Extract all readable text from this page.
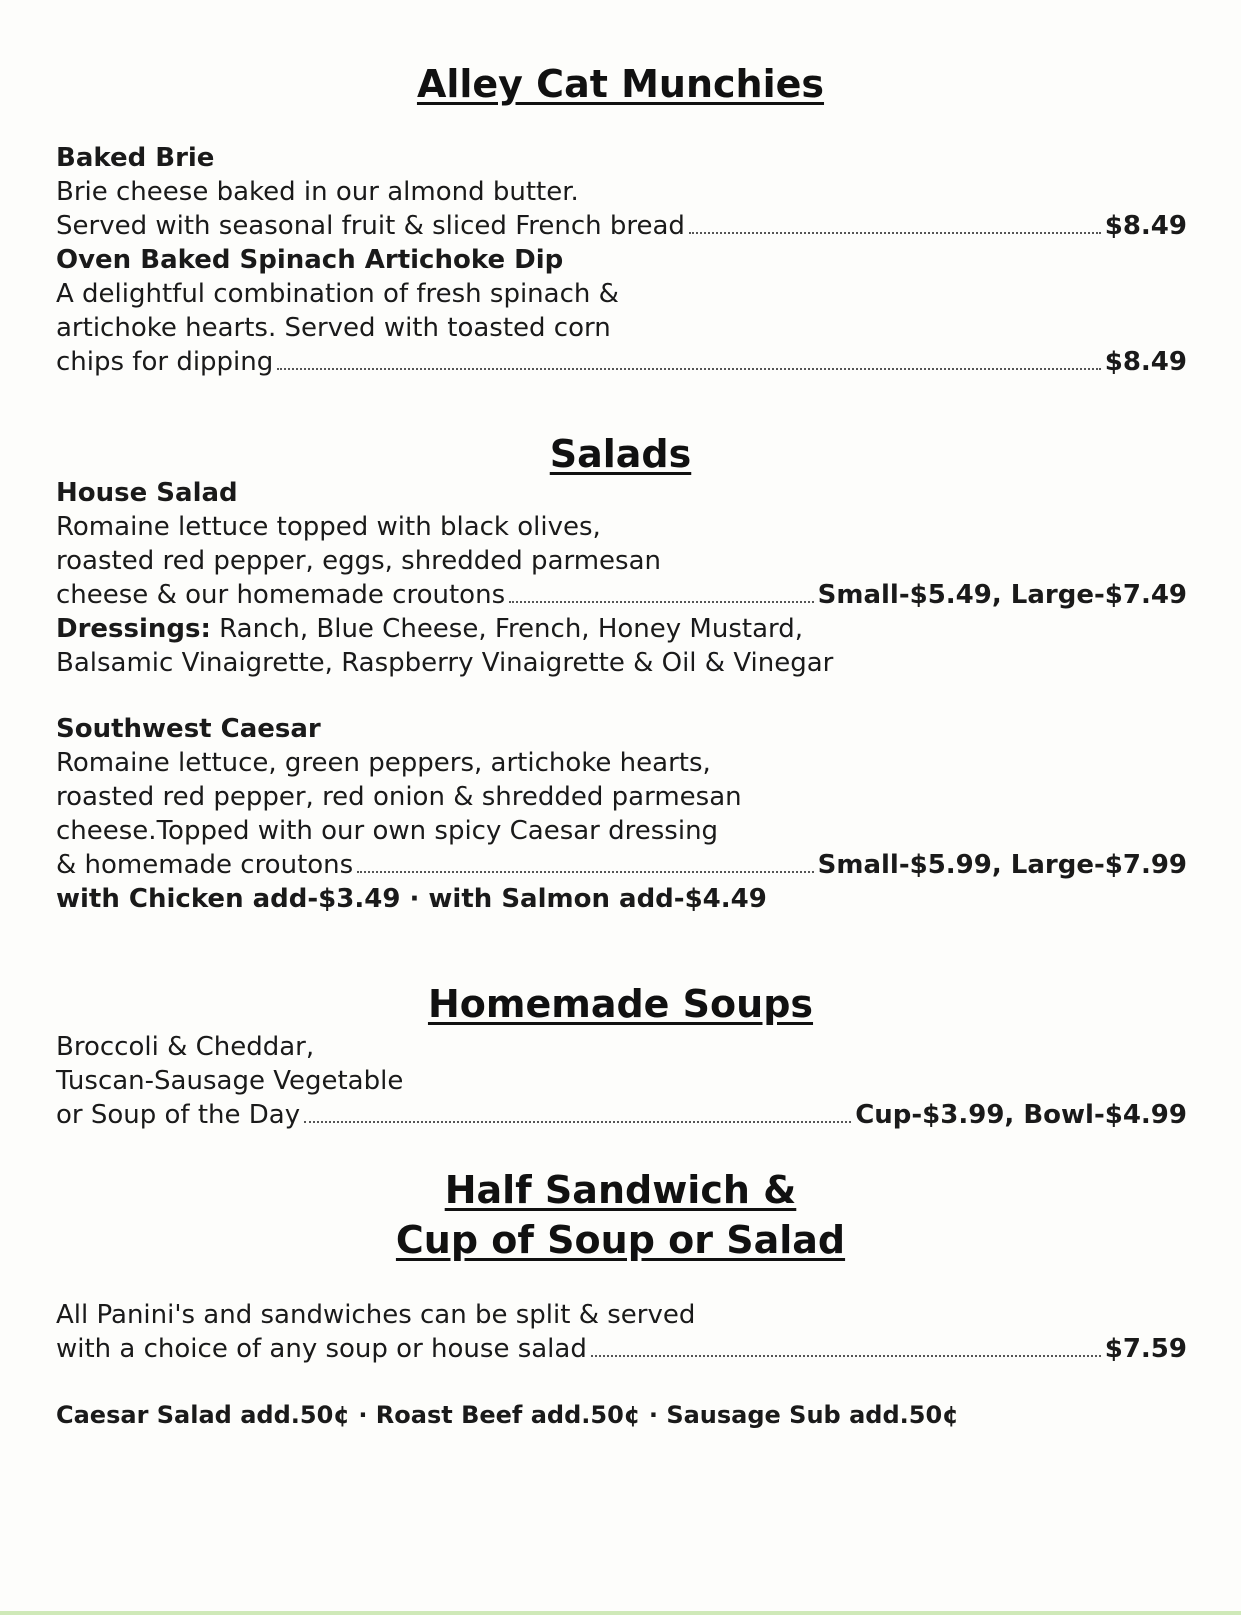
Alley Cat Munchies
Baked Brie
Brie cheese baked in our almond butter.
Served with seasonal fruit & sliced French bread	$8.49
Oven Baked Spinach Artichoke Dip
A delightful combination of fresh spinach &
artichoke hearts. Served with toasted corn
chips for dipping	$8.49
Salads
House Salad
Romaine lettuce topped with black olives,
roasted red pepper, eggs, shredded parmesan
cheese & our homemade croutons	Small-$5.49, Large-$7.49
Dressings: Ranch, Blue Cheese, French, Honey Mustard,
Balsamic Vinaigrette, Raspberry Vinaigrette & Oil & Vinegar
Southwest Caesar
Romaine lettuce, green peppers, artichoke hearts,
roasted red pepper, red onion & shredded parmesan
cheese.Topped with our own spicy Caesar dressing
& homemade croutons	Small-$5.99, Large-$7.99
with Chicken add-$3.49 · with Salmon add-$4.49
Homemade Soups
Broccoli & Cheddar,
Tuscan-Sausage Vegetable
or Soup of the Day	Cup-$3.99, Bowl-$4.99
Half Sandwich &
Cup of Soup or Salad
All Panini's and sandwiches can be split & served
with a choice of any soup or house salad	$7.59
Caesar Salad add.50¢ · Roast Beef add.50¢ · Sausage Sub add.50¢
